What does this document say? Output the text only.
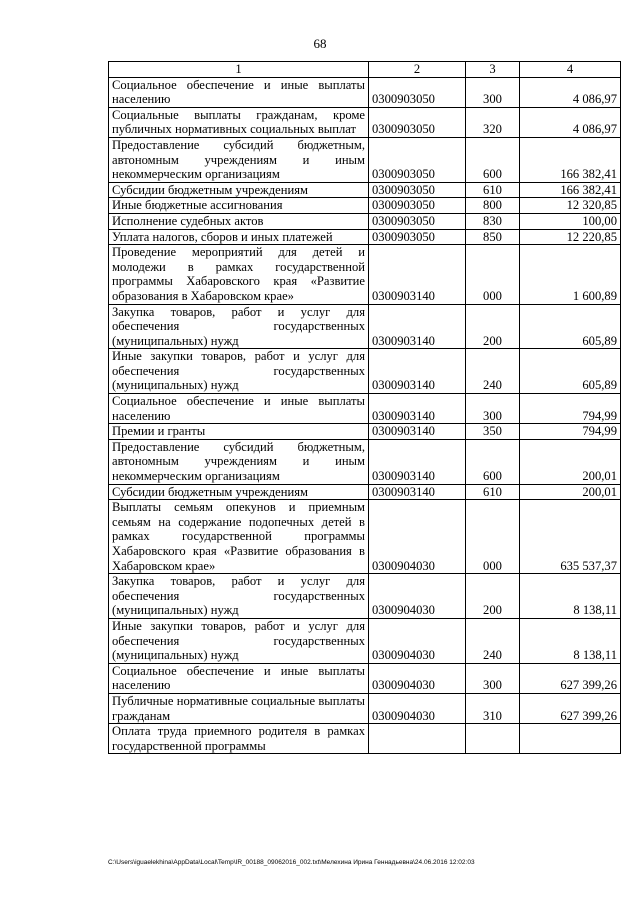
68
1	2	3	4
Социальное обеспечение и иные выплаты населению	0300903050	300	4 086,97
Социальные выплаты гражданам, кроме публичных нормативных социальных выплат	0300903050	320	4 086,97
Предоставление субсидий бюджетным, автономным учреждениям и иным некоммерческим организациям	0300903050	600	166 382,41
Субсидии бюджетным учреждениям	0300903050	610	166 382,41
Иные бюджетные ассигнования	0300903050	800	12 320,85
Исполнение судебных актов	0300903050	830	100,00
Уплата налогов, сборов и иных платежей	0300903050	850	12 220,85
Проведение мероприятий для детей и молодежи в рамках государственной программы Хабаровского края «Развитие образования в Хабаровском крае»	0300903140	000	1 600,89
Закупка товаров, работ и услуг для обеспечения государственных (муниципальных) нужд	0300903140	200	605,89
Иные закупки товаров, работ и услуг для обеспечения государственных (муниципальных) нужд	0300903140	240	605,89
Социальное обеспечение и иные выплаты населению	0300903140	300	794,99
Премии и гранты	0300903140	350	794,99
Предоставление субсидий бюджетным, автономным учреждениям и иным некоммерческим организациям	0300903140	600	200,01
Субсидии бюджетным учреждениям	0300903140	610	200,01
Выплаты семьям опекунов и приемным семьям на содержание подопечных детей в рамках государственной программы Хабаровского края «Развитие образования в Хабаровском крае»	0300904030	000	635 537,37
Закупка товаров, работ и услуг для обеспечения государственных (муниципальных) нужд	0300904030	200	8 138,11
Иные закупки товаров, работ и услуг для обеспечения государственных (муниципальных) нужд	0300904030	240	8 138,11
Социальное обеспечение и иные выплаты населению	0300904030	300	627 399,26
Публичные нормативные социальные выплаты гражданам	0300904030	310	627 399,26
Оплата труда приемного родителя в рамках государственной программы			
C:\Users\iguaelekhina\AppData\Local\Temp\IR_00188_09062016_002.txt\Мелехина Ирина Геннадьевна\24.06.2016 12:02:03
